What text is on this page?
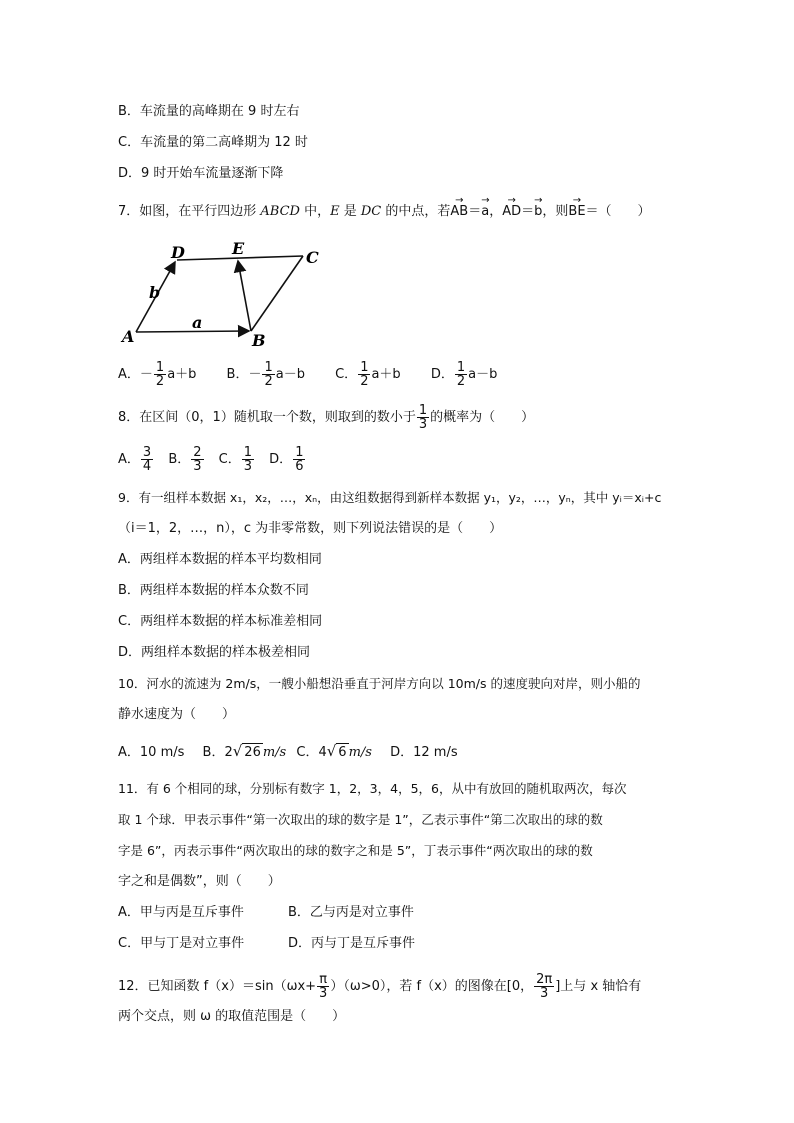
B．车流量的高峰期在 9 时左右
C．车流量的第二高峰期为 12 时
D．9 时开始车流量逐渐下降
7．如图，在平行四边形 ABCD 中，E 是 DC 的中点，若→ AB＝→ a，→ AD＝→ b，则→ BE＝（　　）
D	E	C
b
a
A	B
A．－ $\frac{1}{2} a+b$ B．－ $\frac{1}{2} a-b$ C． $\frac{1}{2} a+b$ D． $\frac{1}{2} a-b$
8．在区间（0，1）随机取一个数，则取到的数小于 $\frac{1}{3}$ 的概率为（　　）
A． $\frac{3}{4}$ B． $\frac{2}{3}$ C． $\frac{1}{3}$ D． $\frac{1}{6}$
9．有一组样本数据 x₁，x₂，…，xₙ，由这组数据得到新样本数据 y₁，y₂，…，yₙ，其中 yᵢ＝xᵢ+c
（i＝1，2，…，n），c 为非零常数，则下列说法错误的是（　　）
A．两组样本数据的样本平均数相同
B．两组样本数据的样本众数不同
C．两组样本数据的样本标准差相同
D．两组样本数据的样本极差相同
10．河水的流速为 2m/s，一艘小船想沿垂直于河岸方向以 10m/s 的速度驶向对岸，则小船的
静水速度为（　　）
A．10 m/s B．2√ 26 m/s C．4√ 6 m/s D．12 m/s
11．有 6 个相同的球，分别标有数字 1，2，3，4，5，6，从中有放回的随机取两次，每次
取 1 个球．甲表示事件“第一次取出的球的数字是 1”，乙表示事件“第二次取出的球的数
字是 6”，丙表示事件“两次取出的球的数字之和是 5”，丁表示事件“两次取出的球的数
字之和是偶数”，则（　　）
A．甲与丙是互斥事件	B．乙与丙是对立事件
C．甲与丁是对立事件	D．丙与丁是互斥事件
12．已知函数 $f(x)=\sin(\omega x+ \frac{\pi}{3} )(\omega>0)$，若 f（x）的图像在[0， $\frac{2\pi}{3}$ ]上与 x 轴恰有
两个交点，则 ω 的取值范围是（　　）
